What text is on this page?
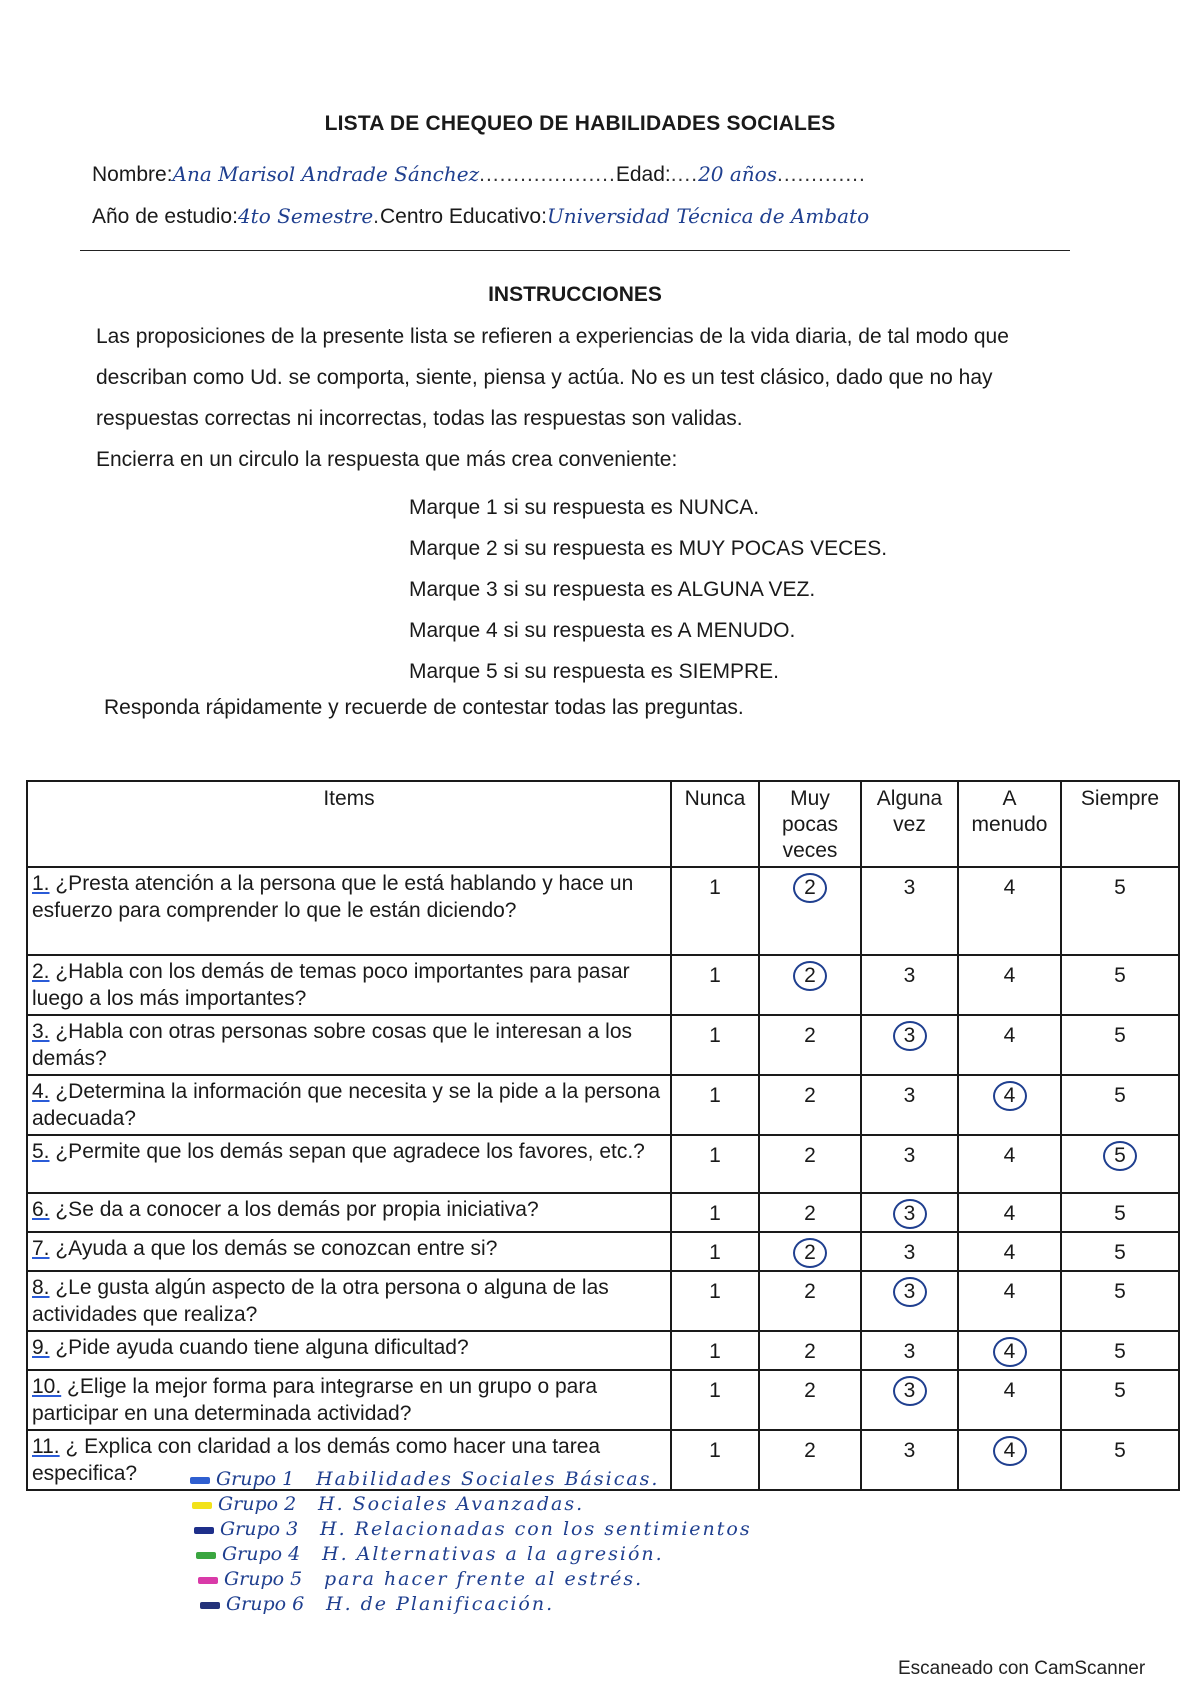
LISTA DE CHEQUEO DE HABILIDADES SOCIALES
Nombre:Ana Marisol Andrade Sánchez....................Edad:....20 años.............
Año de estudio:4to Semestre.Centro Educativo:Universidad Técnica de Ambato
INSTRUCCIONES
Las proposiciones de la presente lista se refieren a experiencias de la vida diaria, de tal modo que describan como Ud. se comporta, siente, piensa y actúa. No es un test clásico, dado que no hay respuestas correctas ni incorrectas, todas las respuestas son validas.
Encierra en un circulo la respuesta que más crea conveniente:
Marque 1 si su respuesta es NUNCA.
Marque 2 si su respuesta es MUY POCAS VECES.
Marque 3 si su respuesta es ALGUNA VEZ.
Marque 4 si su respuesta es A MENUDO.
Marque 5 si su respuesta es SIEMPRE.
Responda rápidamente y recuerde de contestar todas las preguntas.
Items	Nunca	Muy pocas veces	Alguna vez	A menudo	Siempre
1. ¿Presta atención a la persona que le está hablando y hace un esfuerzo para comprender lo que le están diciendo?	1	2	3	4	5
2. ¿Habla con los demás de temas poco importantes para pasar luego a los más importantes?	1	2	3	4	5
3. ¿Habla con otras personas sobre cosas que le interesan a los demás?	1	2	3	4	5
4. ¿Determina la información que necesita y se la pide a la persona adecuada?	1	2	3	4	5
5. ¿Permite que los demás sepan que agradece los favores, etc.?	1	2	3	4	5
6. ¿Se da a conocer a los demás por propia iniciativa?	1	2	3	4	5
7. ¿Ayuda a que los demás se conozcan entre si?	1	2	3	4	5
8. ¿Le gusta algún aspecto de la otra persona o alguna de las actividades que realiza?	1	2	3	4	5
9. ¿Pide ayuda cuando tiene alguna dificultad?	1	2	3	4	5
10. ¿Elige la mejor forma para integrarse en un grupo o para participar en una determinada actividad?	1	2	3	4	5
11. ¿ Explica con claridad a los demás como hacer una tarea especifica?	1	2	3	4	5
Grupo 1 Habilidades Sociales Básicas.
Grupo 2 H. Sociales Avanzadas.
Grupo 3 H. Relacionadas con los sentimientos
Grupo 4 H. Alternativas a la agresión.
Grupo 5 para hacer frente al estrés.
Grupo 6 H. de Planificación.
Escaneado con CamScanner
